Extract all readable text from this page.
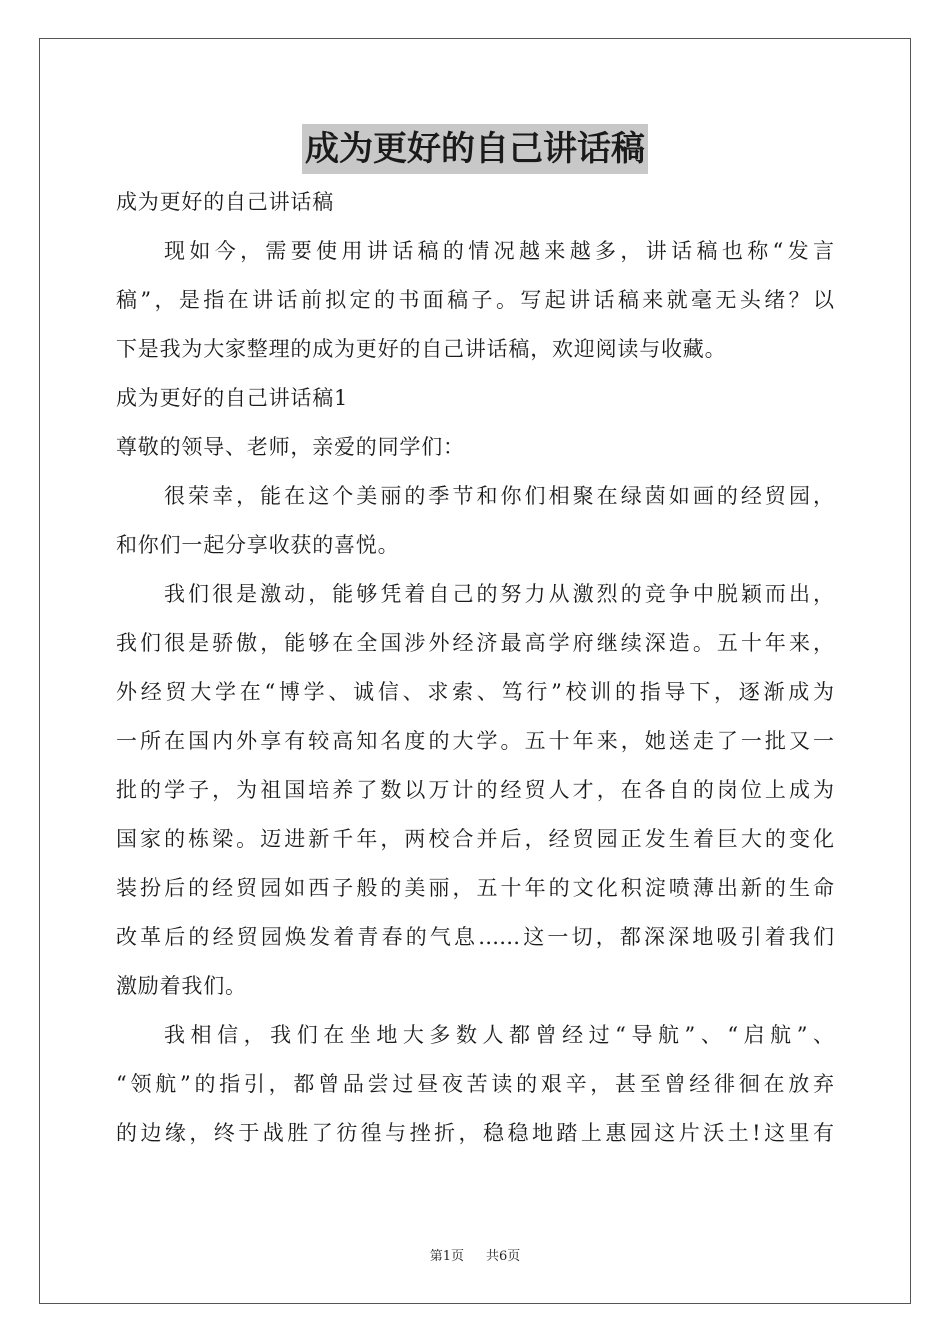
成为更好的自己讲话稿
成为更好的自己讲话稿
现如今，需要使用讲话稿的情况越来越多，讲话稿也称“发言
稿”，是指在讲话前拟定的书面稿子。写起讲话稿来就毫无头绪？以
下是我为大家整理的成为更好的自己讲话稿，欢迎阅读与收藏。
成为更好的自己讲话稿1
尊敬的领导、老师，亲爱的同学们：
很荣幸，能在这个美丽的季节和你们相聚在绿茵如画的经贸园，
和你们一起分享收获的喜悦。
我们很是激动，能够凭着自己的努力从激烈的竞争中脱颖而出，
我们很是骄傲，能够在全国涉外经济最高学府继续深造。五十年来，
外经贸大学在“博学、诚信、求索、笃行”校训的指导下，逐渐成为
一所在国内外享有较高知名度的大学。五十年来，她送走了一批又一
批的学子，为祖国培养了数以万计的经贸人才，在各自的岗位上成为
国家的栋梁。迈进新千年，两校合并后，经贸园正发生着巨大的变化
装扮后的经贸园如西子般的美丽，五十年的文化积淀喷薄出新的生命
改革后的经贸园焕发着青春的气息……这一切，都深深地吸引着我们
激励着我们。
我相信，我们在坐地大多数人都曾经过“导航”、“启航”、
“领航”的指引，都曾品尝过昼夜苦读的艰辛，甚至曾经徘徊在放弃
的边缘，终于战胜了彷徨与挫折，稳稳地踏上惠园这片沃土!这里有
第1页 共6页
